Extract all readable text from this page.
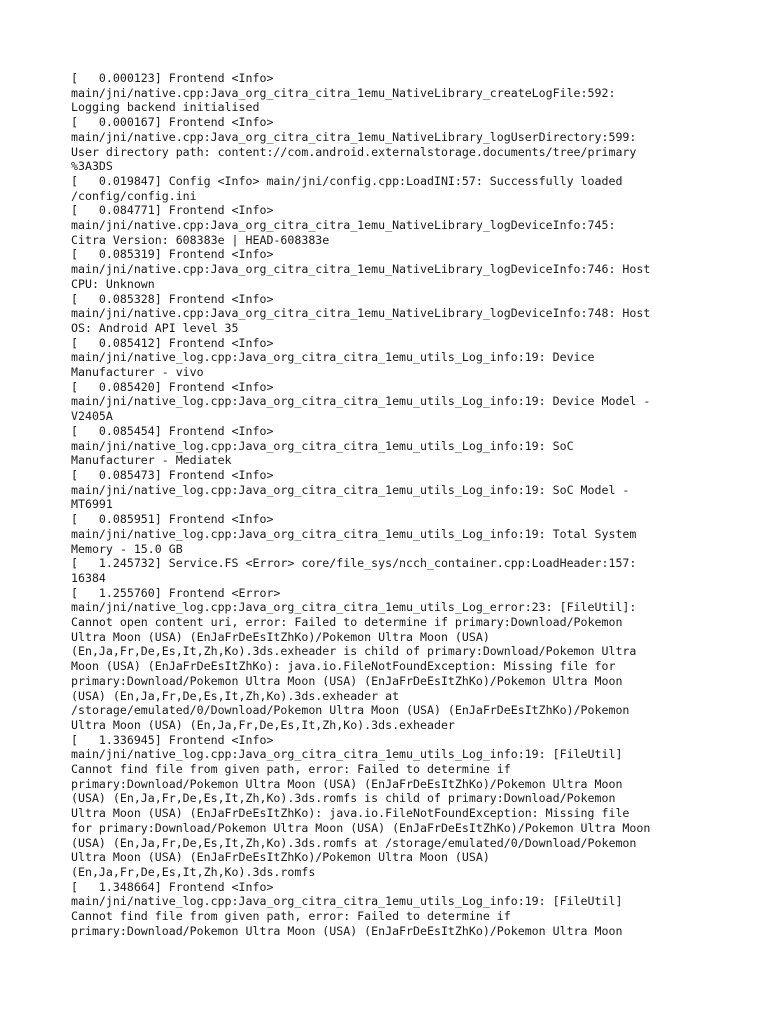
[   0.000123] Frontend <Info>
main/jni/native.cpp:Java_org_citra_citra_1emu_NativeLibrary_createLogFile:592:
Logging backend initialised
[   0.000167] Frontend <Info>
main/jni/native.cpp:Java_org_citra_citra_1emu_NativeLibrary_logUserDirectory:599:
User directory path: content://com.android.externalstorage.documents/tree/primary
%3A3DS
[   0.019847] Config <Info> main/jni/config.cpp:LoadINI:57: Successfully loaded
/config/config.ini
[   0.084771] Frontend <Info>
main/jni/native.cpp:Java_org_citra_citra_1emu_NativeLibrary_logDeviceInfo:745:
Citra Version: 608383e | HEAD-608383e
[   0.085319] Frontend <Info>
main/jni/native.cpp:Java_org_citra_citra_1emu_NativeLibrary_logDeviceInfo:746: Host
CPU: Unknown
[   0.085328] Frontend <Info>
main/jni/native.cpp:Java_org_citra_citra_1emu_NativeLibrary_logDeviceInfo:748: Host
OS: Android API level 35
[   0.085412] Frontend <Info>
main/jni/native_log.cpp:Java_org_citra_citra_1emu_utils_Log_info:19: Device
Manufacturer - vivo
[   0.085420] Frontend <Info>
main/jni/native_log.cpp:Java_org_citra_citra_1emu_utils_Log_info:19: Device Model -
V2405A
[   0.085454] Frontend <Info>
main/jni/native_log.cpp:Java_org_citra_citra_1emu_utils_Log_info:19: SoC
Manufacturer - Mediatek
[   0.085473] Frontend <Info>
main/jni/native_log.cpp:Java_org_citra_citra_1emu_utils_Log_info:19: SoC Model -
MT6991
[   0.085951] Frontend <Info>
main/jni/native_log.cpp:Java_org_citra_citra_1emu_utils_Log_info:19: Total System
Memory - 15.0 GB
[   1.245732] Service.FS <Error> core/file_sys/ncch_container.cpp:LoadHeader:157:
16384
[   1.255760] Frontend <Error>
main/jni/native_log.cpp:Java_org_citra_citra_1emu_utils_Log_error:23: [FileUtil]:
Cannot open content uri, error: Failed to determine if primary:Download/Pokemon
Ultra Moon (USA) (EnJaFrDeEsItZhKo)/Pokemon Ultra Moon (USA)
(En,Ja,Fr,De,Es,It,Zh,Ko).3ds.exheader is child of primary:Download/Pokemon Ultra
Moon (USA) (EnJaFrDeEsItZhKo): java.io.FileNotFoundException: Missing file for
primary:Download/Pokemon Ultra Moon (USA) (EnJaFrDeEsItZhKo)/Pokemon Ultra Moon
(USA) (En,Ja,Fr,De,Es,It,Zh,Ko).3ds.exheader at
/storage/emulated/0/Download/Pokemon Ultra Moon (USA) (EnJaFrDeEsItZhKo)/Pokemon
Ultra Moon (USA) (En,Ja,Fr,De,Es,It,Zh,Ko).3ds.exheader
[   1.336945] Frontend <Info>
main/jni/native_log.cpp:Java_org_citra_citra_1emu_utils_Log_info:19: [FileUtil]
Cannot find file from given path, error: Failed to determine if
primary:Download/Pokemon Ultra Moon (USA) (EnJaFrDeEsItZhKo)/Pokemon Ultra Moon
(USA) (En,Ja,Fr,De,Es,It,Zh,Ko).3ds.romfs is child of primary:Download/Pokemon
Ultra Moon (USA) (EnJaFrDeEsItZhKo): java.io.FileNotFoundException: Missing file
for primary:Download/Pokemon Ultra Moon (USA) (EnJaFrDeEsItZhKo)/Pokemon Ultra Moon
(USA) (En,Ja,Fr,De,Es,It,Zh,Ko).3ds.romfs at /storage/emulated/0/Download/Pokemon
Ultra Moon (USA) (EnJaFrDeEsItZhKo)/Pokemon Ultra Moon (USA)
(En,Ja,Fr,De,Es,It,Zh,Ko).3ds.romfs
[   1.348664] Frontend <Info>
main/jni/native_log.cpp:Java_org_citra_citra_1emu_utils_Log_info:19: [FileUtil]
Cannot find file from given path, error: Failed to determine if
primary:Download/Pokemon Ultra Moon (USA) (EnJaFrDeEsItZhKo)/Pokemon Ultra Moon
